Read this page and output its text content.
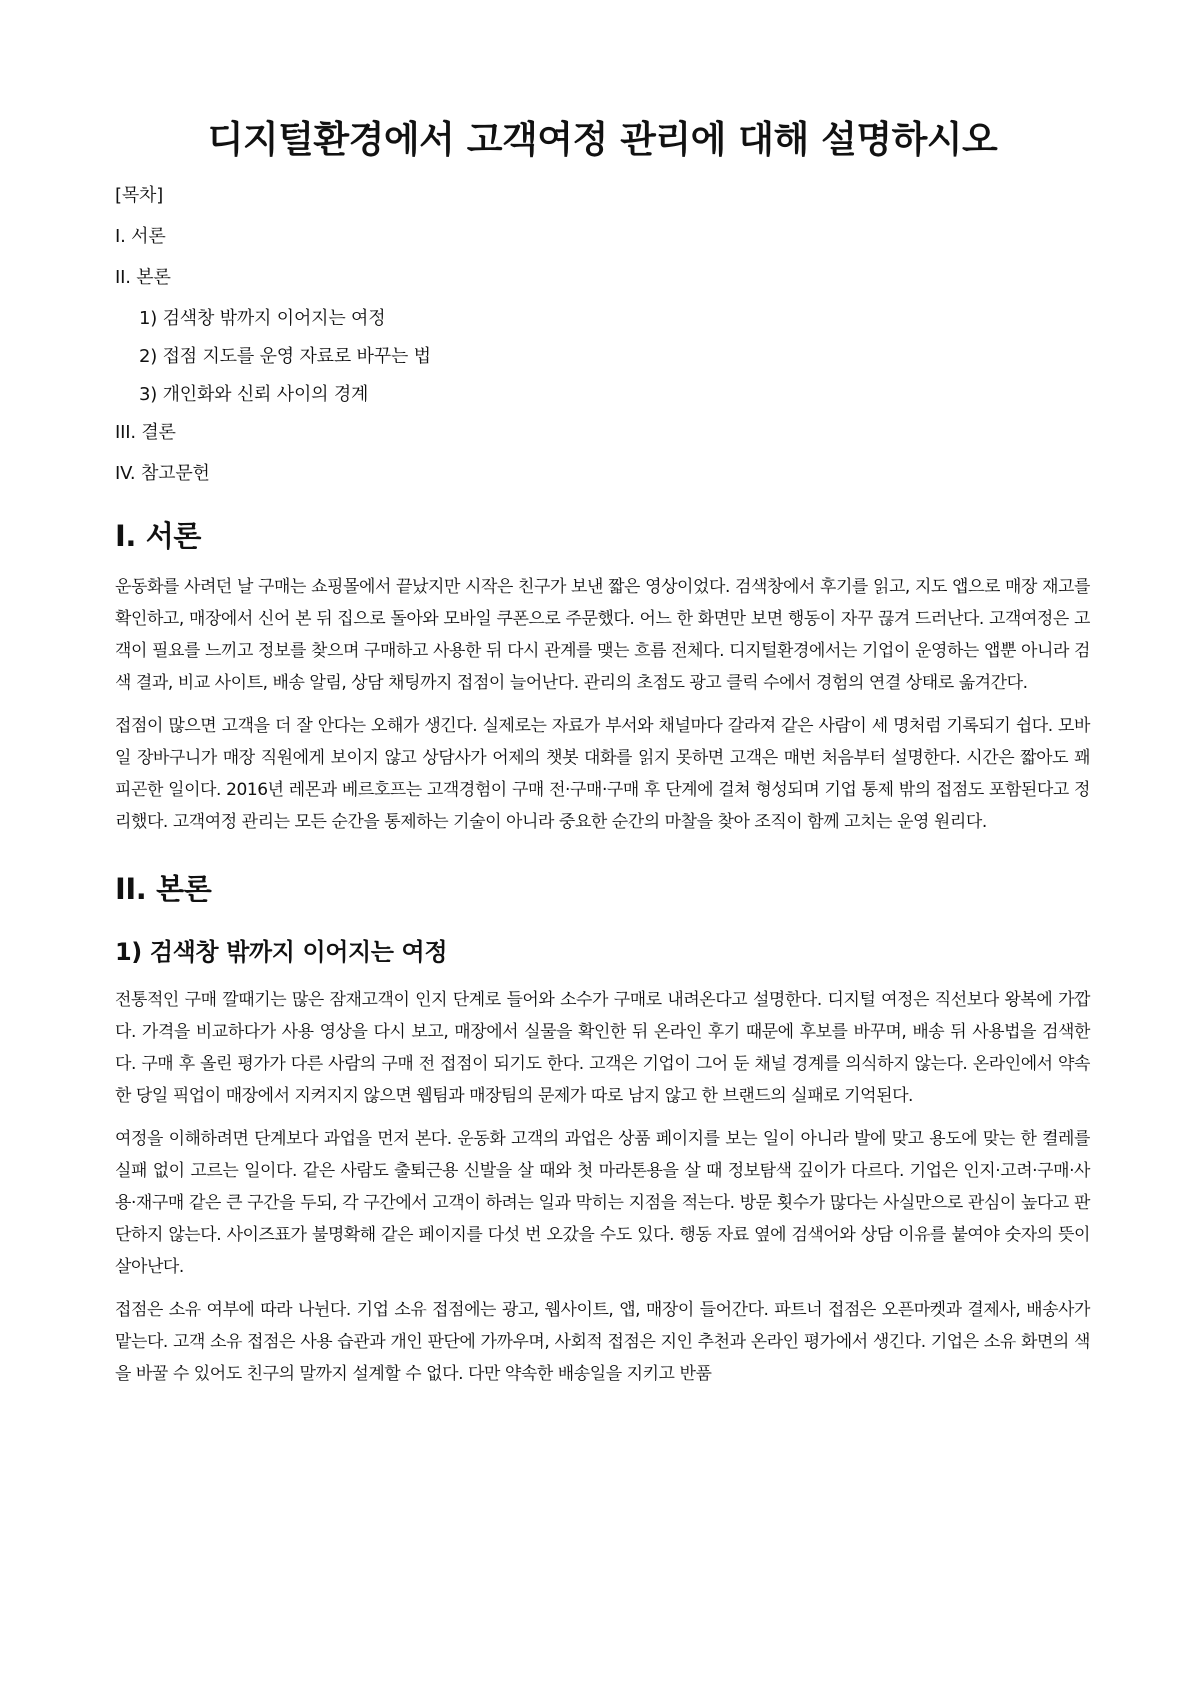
디지털환경에서 고객여정 관리에 대해 설명하시오
[목차]
I. 서론
II. 본론
1) 검색창 밖까지 이어지는 여정
2) 접점 지도를 운영 자료로 바꾸는 법
3) 개인화와 신뢰 사이의 경계
III. 결론
IV. 참고문헌
I. 서론

운동화를 사려던 날 구매는 쇼핑몰에서 끝났지만 시작은 친구가 보낸 짧은 영상이었다. 검색창에서 후기를 읽고, 지도 앱으로 매장 재고를 확인하고, 매장에서 신어 본 뒤 집으로 돌아와 모바일 쿠폰으로 주문했다. 어느 한 화면만 보면 행동이 자꾸 끊겨 드러난다. 고객여정은 고객이 필요를 느끼고 정보를 찾으며 구매하고 사용한 뒤 다시 관계를 맺는 흐름 전체다. 디지털환경에서는 기업이 운영하는 앱뿐 아니라 검색 결과, 비교 사이트, 배송 알림, 상담 채팅까지 접점이 늘어난다. 관리의 초점도 광고 클릭 수에서 경험의 연결 상태로 옮겨간다.

접점이 많으면 고객을 더 잘 안다는 오해가 생긴다. 실제로는 자료가 부서와 채널마다 갈라져 같은 사람이 세 명처럼 기록되기 쉽다. 모바일 장바구니가 매장 직원에게 보이지 않고 상담사가 어제의 챗봇 대화를 읽지 못하면 고객은 매번 처음부터 설명한다. 시간은 짧아도 꽤 피곤한 일이다. 2016년 레몬과 베르호프는 고객경험이 구매 전·구매·구매 후 단계에 걸쳐 형성되며 기업 통제 밖의 접점도 포함된다고 정리했다. 고객여정 관리는 모든 순간을 통제하는 기술이 아니라 중요한 순간의 마찰을 찾아 조직이 함께 고치는 운영 원리다.

II. 본론
1) 검색창 밖까지 이어지는 여정

전통적인 구매 깔때기는 많은 잠재고객이 인지 단계로 들어와 소수가 구매로 내려온다고 설명한다. 디지털 여정은 직선보다 왕복에 가깝다. 가격을 비교하다가 사용 영상을 다시 보고, 매장에서 실물을 확인한 뒤 온라인 후기 때문에 후보를 바꾸며, 배송 뒤 사용법을 검색한다. 구매 후 올린 평가가 다른 사람의 구매 전 접점이 되기도 한다. 고객은 기업이 그어 둔 채널 경계를 의식하지 않는다. 온라인에서 약속한 당일 픽업이 매장에서 지켜지지 않으면 웹팀과 매장팀의 문제가 따로 남지 않고 한 브랜드의 실패로 기억된다.

여정을 이해하려면 단계보다 과업을 먼저 본다. 운동화 고객의 과업은 상품 페이지를 보는 일이 아니라 발에 맞고 용도에 맞는 한 켤레를 실패 없이 고르는 일이다. 같은 사람도 출퇴근용 신발을 살 때와 첫 마라톤용을 살 때 정보탐색 깊이가 다르다. 기업은 인지·고려·구매·사용·재구매 같은 큰 구간을 두되, 각 구간에서 고객이 하려는 일과 막히는 지점을 적는다. 방문 횟수가 많다는 사실만으로 관심이 높다고 판단하지 않는다. 사이즈표가 불명확해 같은 페이지를 다섯 번 오갔을 수도 있다. 행동 자료 옆에 검색어와 상담 이유를 붙여야 숫자의 뜻이 살아난다.

접점은 소유 여부에 따라 나뉜다. 기업 소유 접점에는 광고, 웹사이트, 앱, 매장이 들어간다. 파트너 접점은 오픈마켓과 결제사, 배송사가 맡는다. 고객 소유 접점은 사용 습관과 개인 판단에 가까우며, 사회적 접점은 지인 추천과 온라인 평가에서 생긴다. 기업은 소유 화면의 색을 바꿀 수 있어도 친구의 말까지 설계할 수 없다. 다만 약속한 배송일을 지키고 반품
